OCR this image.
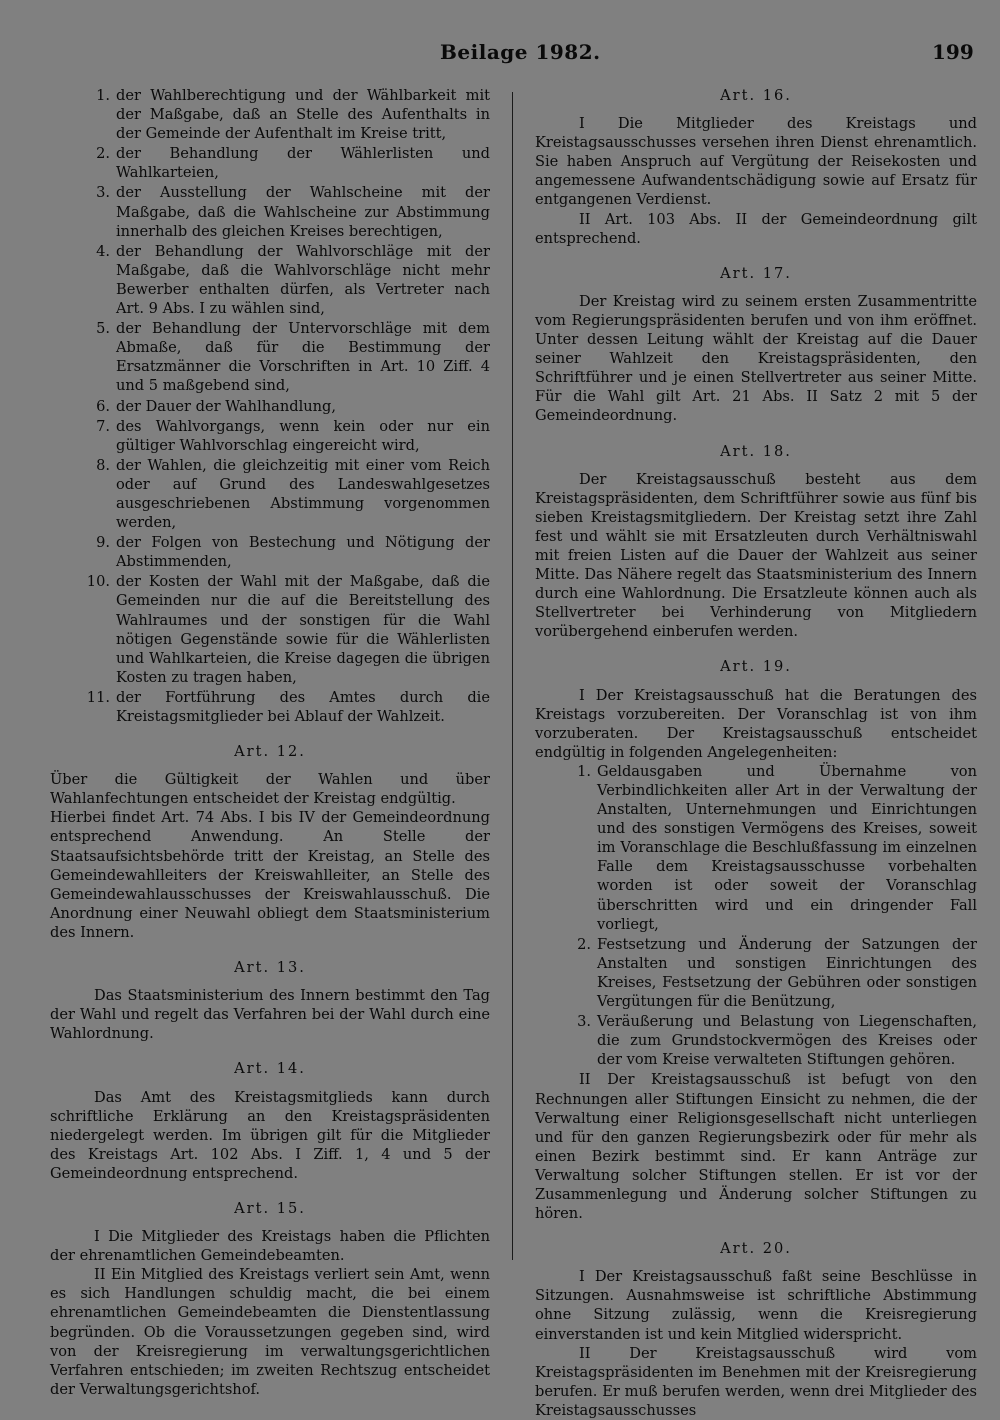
Beilage 1982.	199
1. der Wahlberechtigung und der Wählbarkeit mit der Maßgabe, daß an Stelle des Aufenthalts in der Gemeinde der Aufenthalt im Kreise tritt,
2. der Behandlung der Wählerlisten und Wahlkarteien,
3. der Ausstellung der Wahlscheine mit der Maßgabe, daß die Wahlscheine zur Abstimmung innerhalb des gleichen Kreises berechtigen,
4. der Behandlung der Wahlvorschläge mit der Maßgabe, daß die Wahlvorschläge nicht mehr Bewerber enthalten dürfen, als Vertreter nach Art. 9 Abs. I zu wählen sind,
5. der Behandlung der Untervorschläge mit dem Abmaße, daß für die Bestimmung der Ersatzmänner die Vorschriften in Art. 10 Ziff. 4 und 5 maßgebend sind,
6. der Dauer der Wahlhandlung,
7. des Wahlvorgangs, wenn kein oder nur ein gültiger Wahlvorschlag eingereicht wird,
8. der Wahlen, die gleichzeitig mit einer vom Reich oder auf Grund des Landeswahlgesetzes ausgeschriebenen Abstimmung vorgenommen werden,
9. der Folgen von Bestechung und Nötigung der Abstimmenden,
10. der Kosten der Wahl mit der Maßgabe, daß die Gemeinden nur die auf die Bereitstellung des Wahlraumes und der sonstigen für die Wahl nötigen Gegenstände sowie für die Wählerlisten und Wahlkarteien, die Kreise dagegen die übrigen Kosten zu tragen haben,
11. der Fortführung des Amtes durch die Kreistagsmitglieder bei Ablauf der Wahlzeit.
Art. 12.

Über die Gültigkeit der Wahlen und über Wahlanfechtungen entscheidet der Kreistag endgültig.

Hierbei findet Art. 74 Abs. I bis IV der Gemeindeordnung entsprechend Anwendung. An Stelle der Staatsaufsichtsbehörde tritt der Kreistag, an Stelle des Gemeindewahlleiters der Kreiswahlleiter, an Stelle des Gemeindewahlausschusses der Kreiswahlausschuß. Die Anordnung einer Neuwahl obliegt dem Staatsministerium des Innern.

Art. 13.

Das Staatsministerium des Innern bestimmt den Tag der Wahl und regelt das Verfahren bei der Wahl durch eine Wahlordnung.

Art. 14.

Das Amt des Kreistagsmitglieds kann durch schriftliche Erklärung an den Kreistagspräsidenten niedergelegt werden. Im übrigen gilt für die Mitglieder des Kreistags Art. 102 Abs. I Ziff. 1, 4 und 5 der Gemeindeordnung entsprechend.

Art. 15.

I Die Mitglieder des Kreistags haben die Pflichten der ehrenamtlichen Gemeindebeamten.

II Ein Mitglied des Kreistags verliert sein Amt, wenn es sich Handlungen schuldig macht, die bei einem ehrenamtlichen Gemeindebeamten die Dienstentlassung begründen. Ob die Voraussetzungen gegeben sind, wird von der Kreisregierung im verwaltungsgerichtlichen Verfahren entschieden; im zweiten Rechtszug entscheidet der Verwaltungsgerichtshof.

Art. 16.

I Die Mitglieder des Kreistags und Kreistagsausschusses versehen ihren Dienst ehrenamtlich. Sie haben Anspruch auf Vergütung der Reisekosten und angemessene Aufwandentschädigung sowie auf Ersatz für entgangenen Verdienst.

II Art. 103 Abs. II der Gemeindeordnung gilt entsprechend.

Art. 17.

Der Kreistag wird zu seinem ersten Zusammentritte vom Regierungspräsidenten berufen und von ihm eröffnet. Unter dessen Leitung wählt der Kreistag auf die Dauer seiner Wahlzeit den Kreistagspräsidenten, den Schriftführer und je einen Stellvertreter aus seiner Mitte. Für die Wahl gilt Art. 21 Abs. II Satz 2 mit 5 der Gemeindeordnung.

Art. 18.

Der Kreistagsausschuß besteht aus dem Kreistagspräsidenten, dem Schriftführer sowie aus fünf bis sieben Kreistagsmitgliedern. Der Kreistag setzt ihre Zahl fest und wählt sie mit Ersatzleuten durch Verhältniswahl mit freien Listen auf die Dauer der Wahlzeit aus seiner Mitte. Das Nähere regelt das Staatsministerium des Innern durch eine Wahlordnung. Die Ersatzleute können auch als Stellvertreter bei Verhinderung von Mitgliedern vorübergehend einberufen werden.

Art. 19.

I Der Kreistagsausschuß hat die Beratungen des Kreistags vorzubereiten. Der Voranschlag ist von ihm vorzuberaten. Der Kreistagsausschuß entscheidet endgültig in folgenden Angelegenheiten:

1. Geldausgaben und Übernahme von Verbindlichkeiten aller Art in der Verwaltung der Anstalten, Unternehmungen und Einrichtungen und des sonstigen Vermögens des Kreises, soweit im Voranschlage die Beschlußfassung im einzelnen Falle dem Kreistagsausschusse vorbehalten worden ist oder soweit der Voranschlag überschritten wird und ein dringender Fall vorliegt,
2. Festsetzung und Änderung der Satzungen der Anstalten und sonstigen Einrichtungen des Kreises, Festsetzung der Gebühren oder sonstigen Vergütungen für die Benützung,
3. Veräußerung und Belastung von Liegenschaften, die zum Grundstockvermögen des Kreises oder der vom Kreise verwalteten Stiftungen gehören.

II Der Kreistagsausschuß ist befugt von den Rechnungen aller Stiftungen Einsicht zu nehmen, die der Verwaltung einer Religionsgesellschaft nicht unterliegen und für den ganzen Regierungsbezirk oder für mehr als einen Bezirk bestimmt sind. Er kann Anträge zur Verwaltung solcher Stiftungen stellen. Er ist vor der Zusammenlegung und Änderung solcher Stiftungen zu hören.

Art. 20.

I Der Kreistagsausschuß faßt seine Beschlüsse in Sitzungen. Ausnahmsweise ist schriftliche Abstimmung ohne Sitzung zulässig, wenn die Kreisregierung einverstanden ist und kein Mitglied widerspricht.

II Der Kreistagsausschuß wird vom Kreistagspräsidenten im Benehmen mit der Kreisregierung berufen. Er muß berufen werden, wenn drei Mitglieder des Kreistagsausschusses
